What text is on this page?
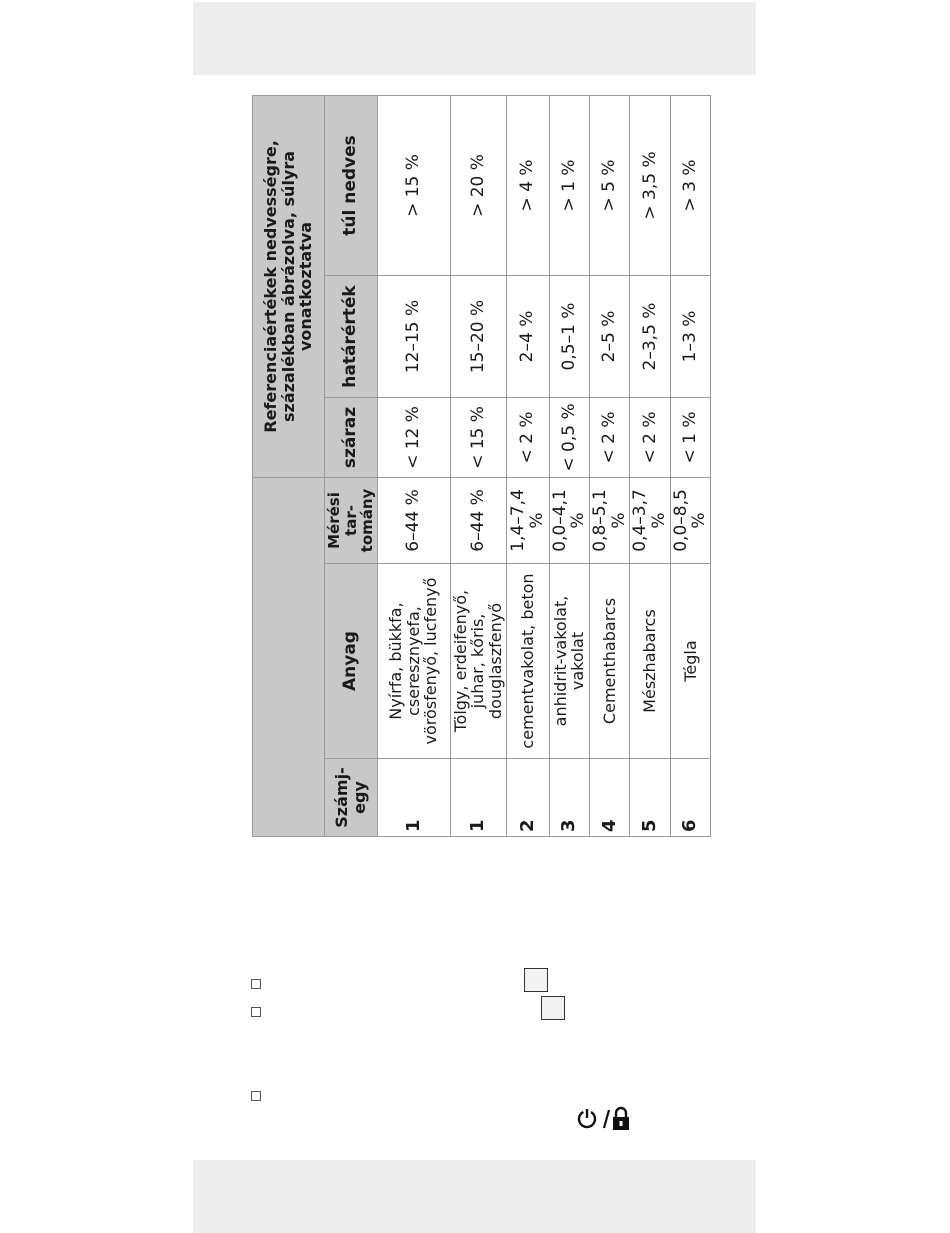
			Referenciaértékek nedvességre, százalékban ábrázolva, súlyra vonatkoztatva		
Számj-egy	Anyag	Mérési tar-tomány	száraz	határérték	túl nedves
1	Nyírfa, bükkfa, cseresznyefa, vörösfenyő, lucfenyő	6–44 %	< 12 %	12–15 %	> 15 %
1	Tölgy, erdeifenyő, juhar, kőris, douglaszfenyő	6–44 %	< 15 %	15–20 %	> 20 %
2	cementvakolat, beton	1,4–7,4 %	< 2 %	2–4 %	> 4 %
3	anhidrit-vakolat, vakolat	0,0–4,1 %	< 0,5 %	0,5–1 %	> 1 %
4	Cementhabarcs	0,8–5,1 %	< 2 %	2–5 %	> 5 %
5	Mészhabarcs	0,4–3,7 %	< 2 %	2–3,5 %	> 3,5 %
6	Tégla	0,0–8,5 %	< 1 %	1–3 %	> 3 %
